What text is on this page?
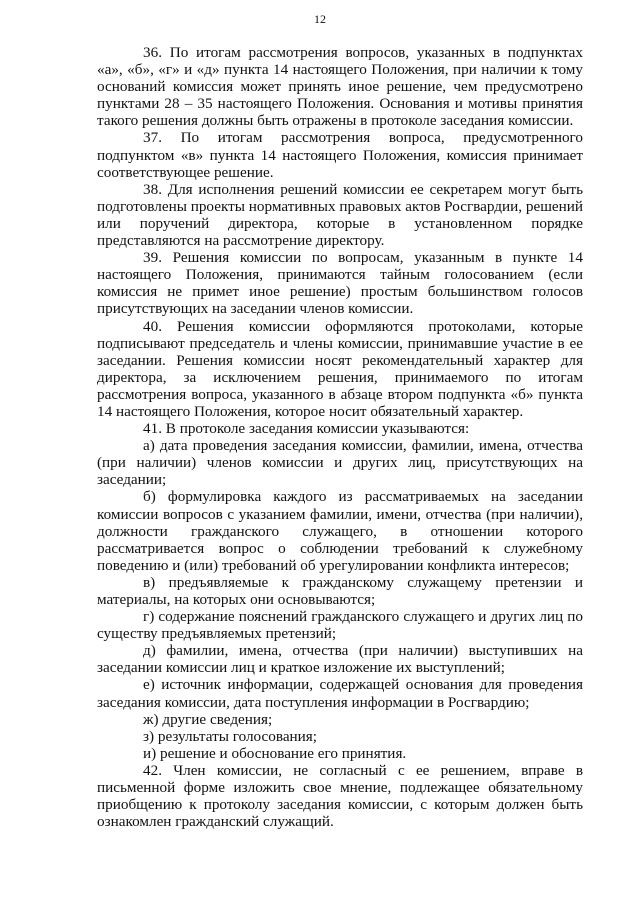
12

36. По итогам рассмотрения вопросов, указанных в подпунктах «а», «б», «г» и «д» пункта 14 настоящего Положения, при наличии к тому оснований комиссия может принять иное решение, чем предусмотрено пунктами 28 – 35 настоящего Положения. Основания и мотивы принятия такого решения должны быть отражены в протоколе заседания комиссии.

37. По итогам рассмотрения вопроса, предусмотренного подпунктом «в» пункта 14 настоящего Положения, комиссия принимает соответствующее решение.

38. Для исполнения решений комиссии ее секретарем могут быть подготовлены проекты нормативных правовых актов Росгвардии, решений или поручений директора, которые в установленном порядке представляются на рассмотрение директору.

39. Решения комиссии по вопросам, указанным в пункте 14 настоящего Положения, принимаются тайным голосованием (если комиссия не примет иное решение) простым большинством голосов присутствующих на заседании членов комиссии.

40. Решения комиссии оформляются протоколами, которые подписывают председатель и члены комиссии, принимавшие участие в ее заседании. Решения комиссии носят рекомендательный характер для директора, за исключением решения, принимаемого по итогам рассмотрения вопроса, указанного в абзаце втором подпункта «б» пункта 14 настоящего Положения, которое носит обязательный характер.

41. В протоколе заседания комиссии указываются:

а) дата проведения заседания комиссии, фамилии, имена, отчества (при наличии) членов комиссии и других лиц, присутствующих на заседании;

б) формулировка каждого из рассматриваемых на заседании комиссии вопросов с указанием фамилии, имени, отчества (при наличии), должности гражданского служащего, в отношении которого рассматривается вопрос о соблюдении требований к служебному поведению и (или) требований об урегулировании конфликта интересов;

в) предъявляемые к гражданскому служащему претензии и материалы, на которых они основываются;

г) содержание пояснений гражданского служащего и других лиц по существу предъявляемых претензий;

д) фамилии, имена, отчества (при наличии) выступивших на заседании комиссии лиц и краткое изложение их выступлений;

е) источник информации, содержащей основания для проведения заседания комиссии, дата поступления информации в Росгвардию;

ж) другие сведения;

з) результаты голосования;

и) решение и обоснование его принятия.

42. Член комиссии, не согласный с ее решением, вправе в письменной форме изложить свое мнение, подлежащее обязательному приобщению к протоколу заседания комиссии, с которым должен быть ознакомлен гражданский служащий.
